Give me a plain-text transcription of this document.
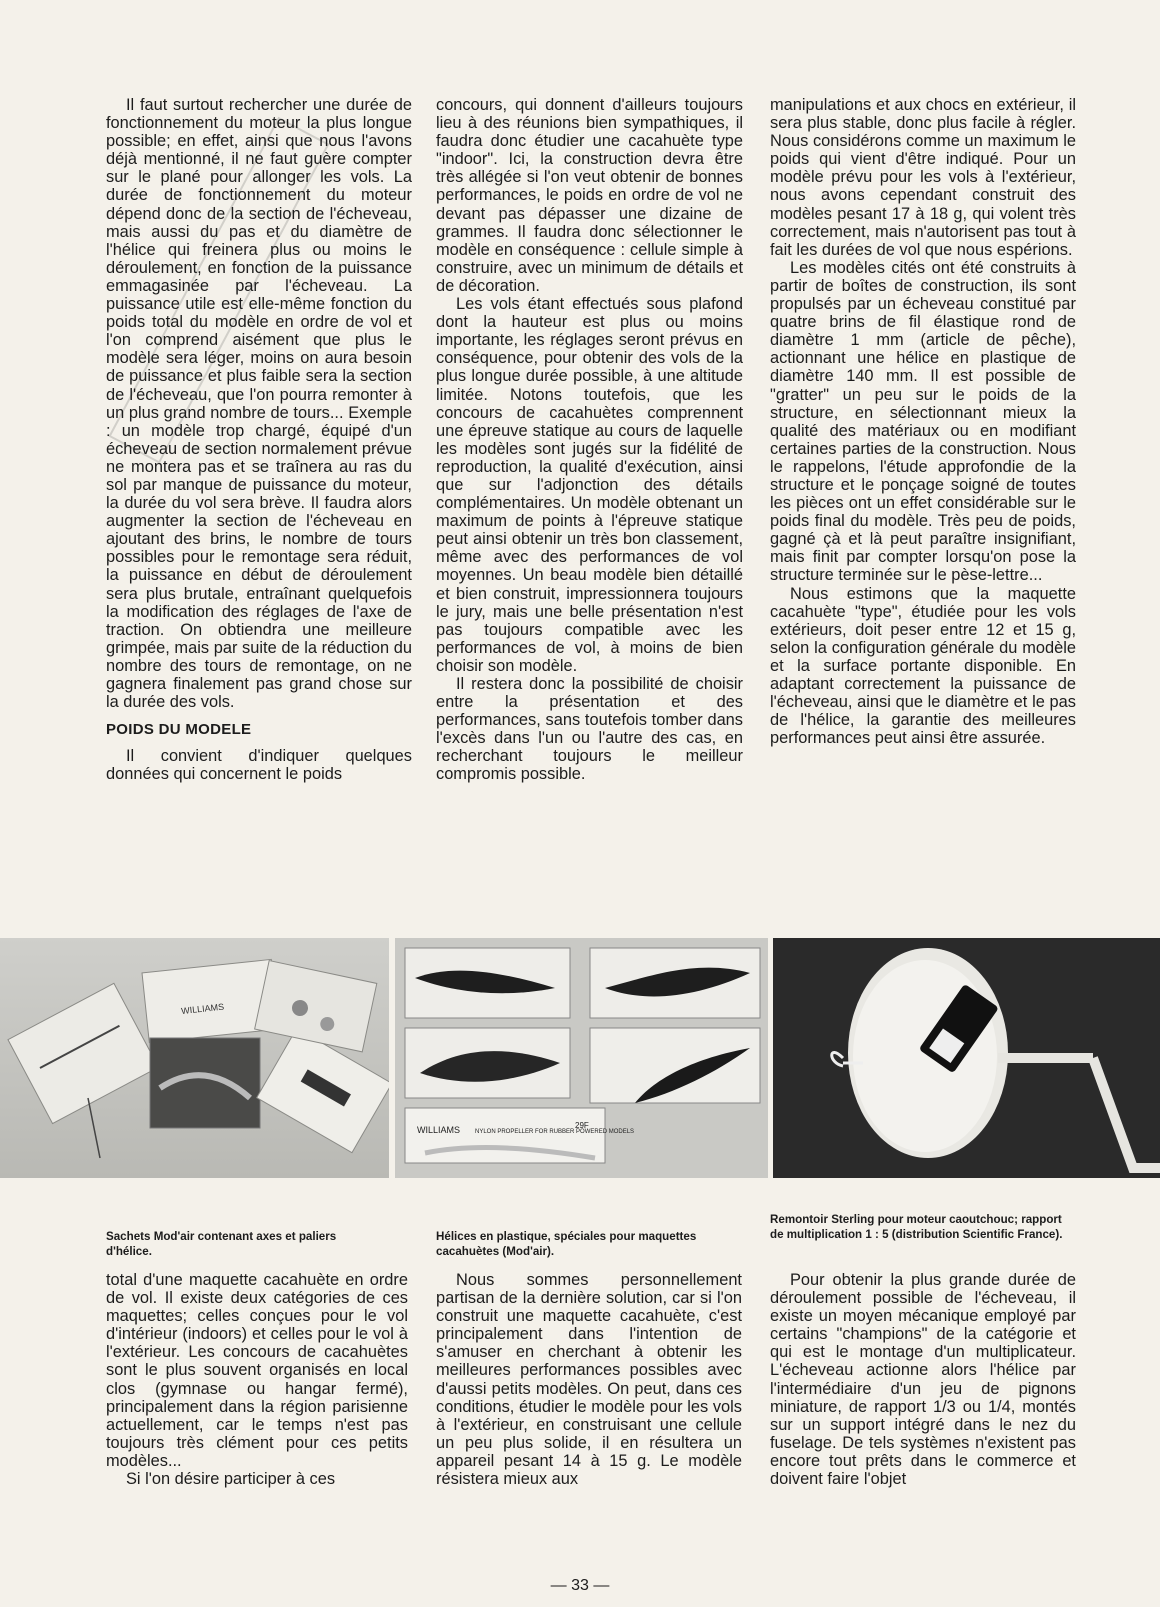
Il faut surtout rechercher une durée de fonctionnement du moteur la plus longue possible; en effet, ainsi que nous l'avons déjà mentionné, il ne faut guère compter sur le plané pour allonger les vols. La durée de fonctionnement du moteur dépend donc de la section de l'écheveau, mais aussi du pas et du diamètre de l'hélice qui freinera plus ou moins le déroulement, en fonction de la puissance emmagasinée par l'écheveau. La puissance utile est elle-même fonction du poids total du modèle en ordre de vol et l'on comprend aisément que plus le modèle sera léger, moins on aura besoin de puissance et plus faible sera la section de l'écheveau, que l'on pourra remonter à un plus grand nombre de tours... Exemple : un modèle trop chargé, équipé d'un écheveau de section normalement prévue ne montera pas et se traînera au ras du sol par manque de puissance du moteur, la durée du vol sera brève. Il faudra alors augmenter la section de l'écheveau en ajoutant des brins, le nombre de tours possibles pour le remontage sera réduit, la puissance en début de déroulement sera plus brutale, entraînant quelquefois la modification des réglages de l'axe de traction. On obtiendra une meilleure grimpée, mais par suite de la réduction du nombre des tours de remontage, on ne gagnera finalement pas grand chose sur la durée des vols.

POIDS DU MODELE

Il convient d'indiquer quelques données qui concernent le poids

concours, qui donnent d'ailleurs toujours lieu à des réunions bien sympathiques, il faudra donc étudier une cacahuète type "indoor". Ici, la construction devra être très allégée si l'on veut obtenir de bonnes performances, le poids en ordre de vol ne devant pas dépasser une dizaine de grammes. Il faudra donc sélectionner le modèle en conséquence : cellule simple à construire, avec un minimum de détails et de décoration.

Les vols étant effectués sous plafond dont la hauteur est plus ou moins importante, les réglages seront prévus en conséquence, pour obtenir des vols de la plus longue durée possible, à une altitude limitée. Notons toutefois, que les concours de cacahuètes comprennent une épreuve statique au cours de laquelle les modèles sont jugés sur la fidélité de reproduction, la qualité d'exécution, ainsi que sur l'adjonction des détails complémentaires. Un modèle obtenant un maximum de points à l'épreuve statique peut ainsi obtenir un très bon classement, même avec des performances de vol moyennes. Un beau modèle bien détaillé et bien construit, impressionnera toujours le jury, mais une belle présentation n'est pas toujours compatible avec les performances de vol, à moins de bien choisir son modèle.

Il restera donc la possibilité de choisir entre la présentation et des performances, sans toutefois tomber dans l'excès dans l'un ou l'autre des cas, en recherchant toujours le meilleur compromis possible.

manipulations et aux chocs en extérieur, il sera plus stable, donc plus facile à régler. Nous considérons comme un maximum le poids qui vient d'être indiqué. Pour un modèle prévu pour les vols à l'extérieur, nous avons cependant construit des modèles pesant 17 à 18 g, qui volent très correctement, mais n'autorisent pas tout à fait les durées de vol que nous espérions.

Les modèles cités ont été construits à partir de boîtes de construction, ils sont propulsés par un écheveau constitué par quatre brins de fil élastique rond de diamètre 1 mm (article de pêche), actionnant une hélice en plastique de diamètre 140 mm. Il est possible de "gratter" un peu sur le poids de la structure, en sélectionnant mieux la qualité des matériaux ou en modifiant certaines parties de la construction. Nous le rappelons, l'étude approfondie de la structure et le ponçage soigné de toutes les pièces ont un effet considérable sur le poids final du modèle. Très peu de poids, gagné çà et là peut paraître insignifiant, mais finit par compter lorsqu'on pose la structure terminée sur le pèse-lettre...

Nous estimons que la maquette cacahuète "type", étudiée pour les vols extérieurs, doit peser entre 12 et 15 g, selon la configuration générale du modèle et la surface portante disponible. En adaptant correctement la puissance de l'écheveau, ainsi que le diamètre et le pas de l'hélice, la garantie des meilleures performances peut ainsi être assurée.

WILLIAMS
WILLIAMS NYLON PROPELLER FOR RUBBER POWERED MODELS
29F
Sachets Mod'air contenant axes et paliers d'hélice.
Hélices en plastique, spéciales pour maquettes cacahuètes (Mod'air).
Remontoir Sterling pour moteur caoutchouc; rapport de multiplication 1 : 5 (distribution Scientific France).

total d'une maquette cacahuète en ordre de vol. Il existe deux catégories de ces maquettes; celles conçues pour le vol d'intérieur (indoors) et celles pour le vol à l'extérieur. Les concours de cacahuètes sont le plus souvent organisés en local clos (gymnase ou hangar fermé), principalement dans la région parisienne actuellement, car le temps n'est pas toujours très clément pour ces petits modèles...

Si l'on désire participer à ces

Nous sommes personnellement partisan de la dernière solution, car si l'on construit une maquette cacahuète, c'est principalement dans l'intention de s'amuser en cherchant à obtenir les meilleures performances possibles avec d'aussi petits modèles. On peut, dans ces conditions, étudier le modèle pour les vols à l'extérieur, en construisant une cellule un peu plus solide, il en résultera un appareil pesant 14 à 15 g. Le modèle résistera mieux aux

Pour obtenir la plus grande durée de déroulement possible de l'écheveau, il existe un moyen mécanique employé par certains "champions" de la catégorie et qui est le montage d'un multiplicateur. L'écheveau actionne alors l'hélice par l'intermédiaire d'un jeu de pignons miniature, de rapport 1/3 ou 1/4, montés sur un support intégré dans le nez du fuselage. De tels systèmes n'existent pas encore tout prêts dans le commerce et doivent faire l'objet

— 33 —
